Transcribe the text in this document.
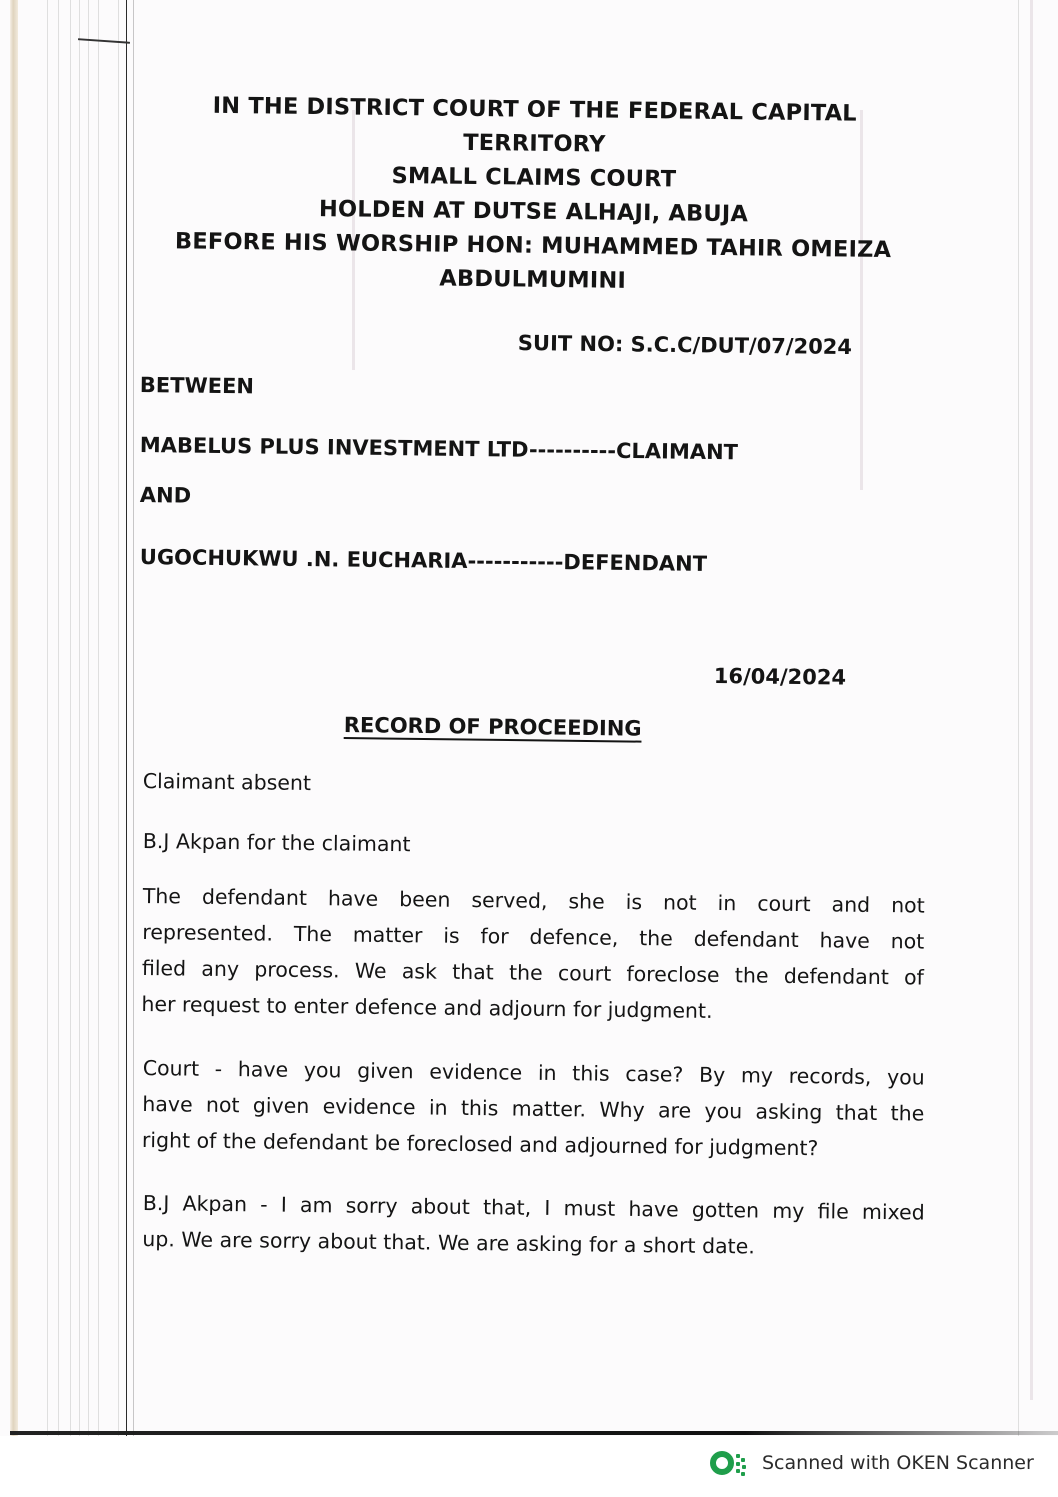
IN THE DISTRICT COURT OF THE FEDERAL CAPITAL
TERRITORY
SMALL CLAIMS COURT
HOLDEN AT DUTSE ALHAJI, ABUJA
BEFORE HIS WORSHIP HON: MUHAMMED TAHIR OMEIZA
ABDULMUMINI
SUIT NO: S.C.C/DUT/07/2024
BETWEEN
MABELUS PLUS INVESTMENT LTD----------CLAIMANT
AND
UGOCHUKWU .N. EUCHARIA-----------DEFENDANT
16/04/2024
RECORD OF PROCEEDING
Claimant absent
B.J Akpan for the claimant
The defendant have been served, she is not in court and not
represented. The matter is for defence, the defendant have not
filed any process. We ask that the court foreclose the defendant of
her request to enter defence and adjourn for judgment.
Court - have you given evidence in this case? By my records, you
have not given evidence in this matter. Why are you asking that the
right of the defendant be foreclosed and adjourned for judgment?
B.J Akpan - I am sorry about that, I must have gotten my file mixed
up. We are sorry about that. We are asking for a short date.
Scanned with OKEN Scanner
